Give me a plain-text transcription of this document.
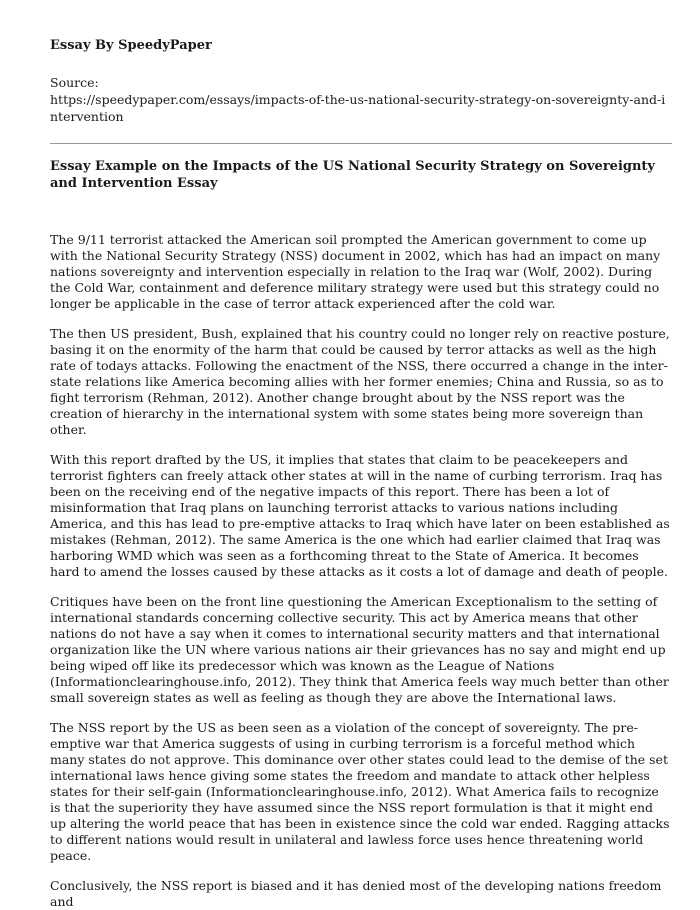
Essay By SpeedyPaper

Source:

https://speedypaper.com/essays/impacts-of-the-us-national-security-strategy-on-sovereignty-and-intervention

Essay Example on the Impacts of the US National Security Strategy on Sovereignty and Intervention Essay

The 9/11 terrorist attacked the American soil prompted the American government to come up with the National Security Strategy (NSS) document in 2002, which has had an impact on many nations sovereignty and intervention especially in relation to the Iraq war (Wolf, 2002). During the Cold War, containment and deference military strategy were used but this strategy could no longer be applicable in the case of terror attack experienced after the cold war.

The then US president, Bush, explained that his country could no longer rely on reactive posture, basing it on the enormity of the harm that could be caused by terror attacks as well as the high rate of todays attacks. Following the enactment of the NSS, there occurred a change in the inter-state relations like America becoming allies with her former enemies; China and Russia, so as to fight terrorism (Rehman, 2012). Another change brought about by the NSS report was the creation of hierarchy in the international system with some states being more sovereign than other.

With this report drafted by the US, it implies that states that claim to be peacekeepers and terrorist fighters can freely attack other states at will in the name of curbing terrorism. Iraq has been on the receiving end of the negative impacts of this report. There has been a lot of misinformation that Iraq plans on launching terrorist attacks to various nations including America, and this has lead to pre-emptive attacks to Iraq which have later on been established as mistakes (Rehman, 2012). The same America is the one which had earlier claimed that Iraq was harboring WMD which was seen as a forthcoming threat to the State of America. It becomes hard to amend the losses caused by these attacks as it costs a lot of damage and death of people.

Critiques have been on the front line questioning the American Exceptionalism to the setting of international standards concerning collective security. This act by America means that other nations do not have a say when it comes to international security matters and that international organization like the UN where various nations air their grievances has no say and might end up being wiped off like its predecessor which was known as the League of Nations (Informationclearinghouse.info, 2012). They think that America feels way much better than other small sovereign states as well as feeling as though they are above the International laws.

The NSS report by the US as been seen as a violation of the concept of sovereignty. The pre-emptive war that America suggests of using in curbing terrorism is a forceful method which many states do not approve. This dominance over other states could lead to the demise of the set international laws hence giving some states the freedom and mandate to attack other helpless states for their self-gain (Informationclearinghouse.info, 2012). What America fails to recognize is that the superiority they have assumed since the NSS report formulation is that it might end up altering the world peace that has been in existence since the cold war ended. Ragging attacks to different nations would result in unilateral and lawless force uses hence threatening world peace.

Conclusively, the NSS report is biased and it has denied most of the developing nations freedom and
